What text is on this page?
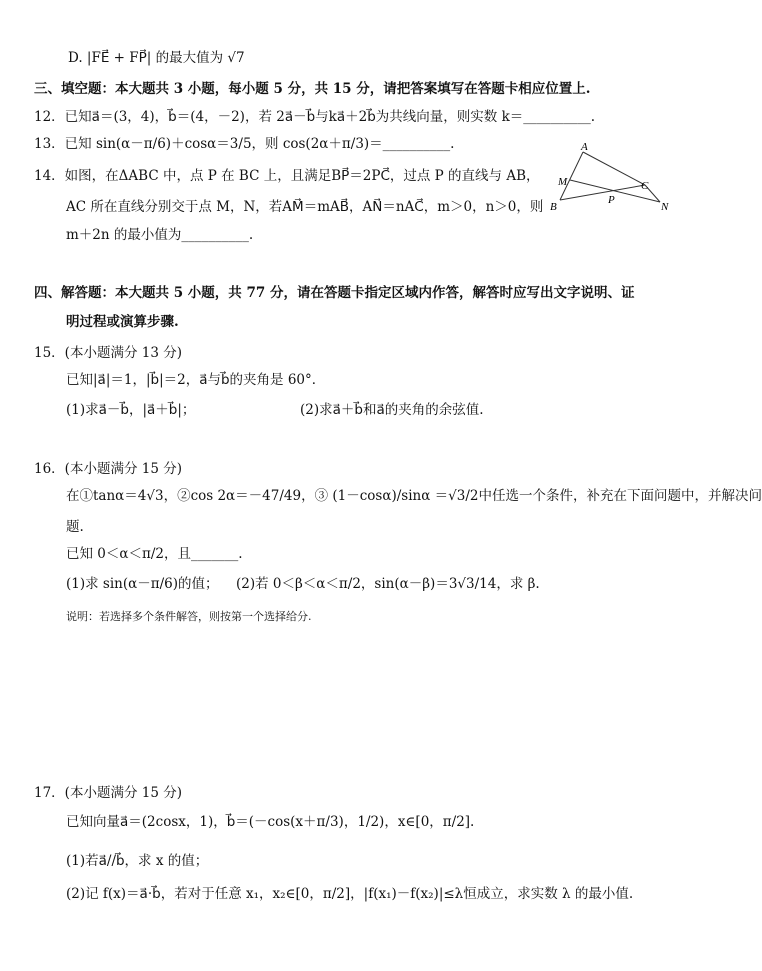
D. |FE⃗ + FP⃗| 的最大值为 √7
三、填空题：本大题共 3 小题，每小题 5 分，共 15 分，请把答案填写在答题卡相应位置上.
12．已知a⃗＝(3，4)，b⃗＝(4，－2)，若 2a⃗－b⃗与ka⃗＋2b⃗为共线向量，则实数 k＝__________.
13．已知 sin(α－π/6)＋cosα＝3/5，则 cos(2α＋π/3)＝__________.
14．如图，在ΔABC 中，点 P 在 BC 上，且满足BP⃗＝2PC⃗，过点 P 的直线与 AB，
AC 所在直线分别交于点 M，N，若AM⃗＝mAB⃗，AN⃗＝nAC⃗，m＞0，n＞0，则
m＋2n 的最小值为__________.
A
M	C
B
P
N
四、解答题：本大题共 5 小题，共 77 分，请在答题卡指定区域内作答，解答时应写出文字说明、证
明过程或演算步骤.
15．(本小题满分 13 分)
已知|a⃗|＝1，|b⃗|＝2，a⃗与b⃗的夹角是 60°．
(1)求a⃗－b⃗，|a⃗＋b⃗|；	(2)求a⃗＋b⃗和a⃗的夹角的余弦值.
16．(本小题满分 15 分)
在①tanα＝4√3，②cos 2α＝－47/49，③ (1－cosα)/sinα ＝√3/2中任选一个条件，补充在下面问题中，并解决问
题.
已知 0＜α＜π/2，且_______.
(1)求 sin(α－π/6)的值； (2)若 0＜β＜α＜π/2，sin(α－β)＝3√3/14，求 β.
说明：若选择多个条件解答，则按第一个选择给分.
17．(本小题满分 15 分)
已知向量a⃗＝(2cosx，1)，b⃗＝(－cos(x＋π/3)，1/2)，x∈[0，π/2].
(1)若a⃗//b⃗，求 x 的值；
(2)记 f(x)＝a⃗·b⃗，若对于任意 x₁，x₂∈[0，π/2]，|f(x₁)－f(x₂)|≤λ恒成立，求实数 λ 的最小值.
